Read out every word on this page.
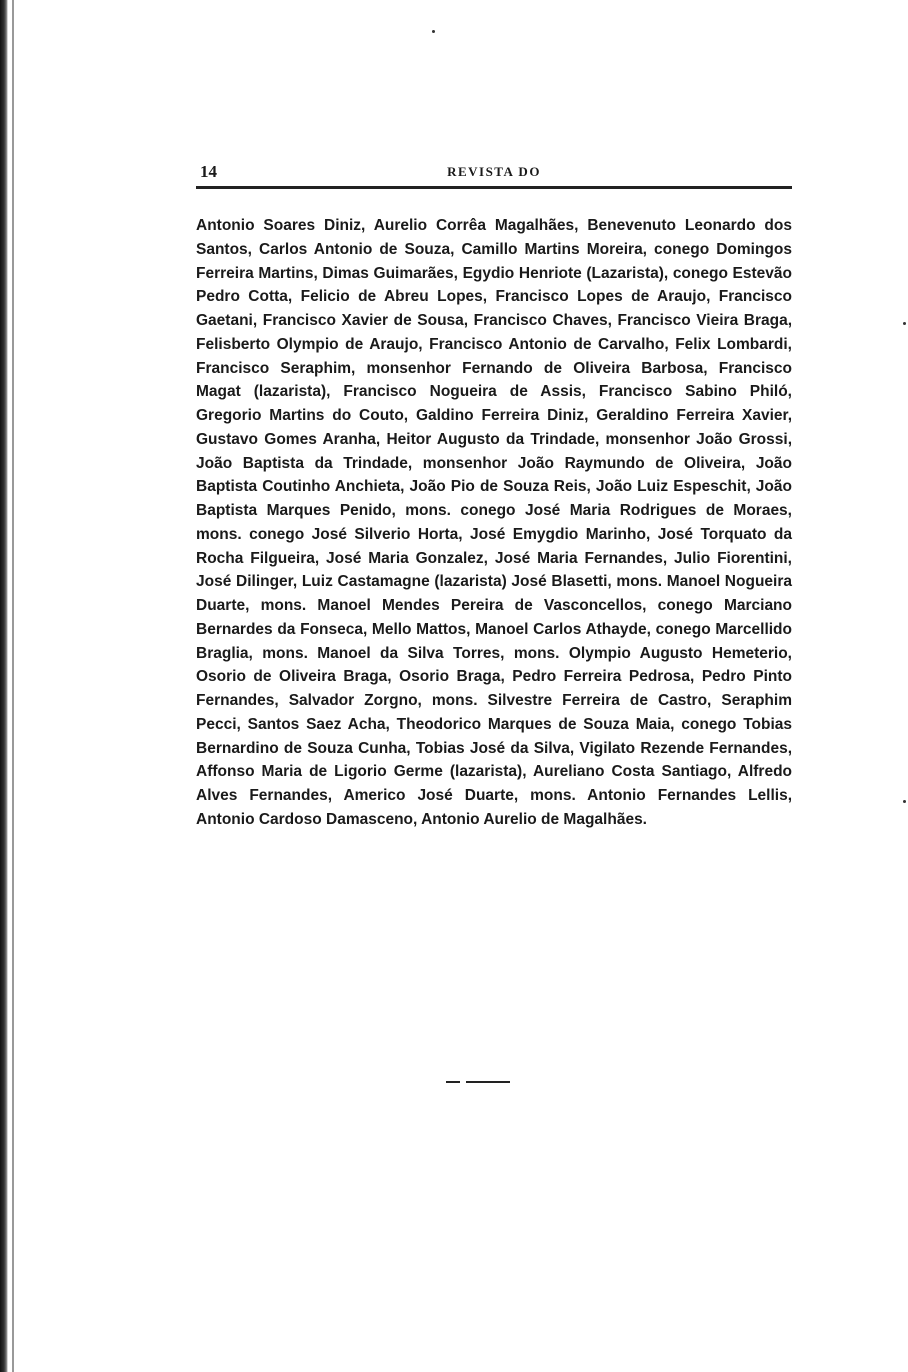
14	REVISTA DO

Antonio Soares Diniz, Aurelio Corrêa Magalhães, Benevenuto Leonardo dos Santos, Carlos Antonio de Souza, Camillo Martins Moreira, conego Domingos Ferreira Martins, Dimas Guimarães, Egydio Henriote (Lazarista), conego Estevão Pedro Cotta, Felicio de Abreu Lopes, Francisco Lopes de Araujo, Francisco Gaetani, Francisco Xavier de Sousa, Francisco Chaves, Francisco Vieira Braga, Felisberto Olympio de Araujo, Francisco Antonio de Carvalho, Felix Lombardi, Francisco Seraphim, monsenhor Fernando de Oliveira Barbosa, Francisco Magat (lazarista), Francisco Nogueira de Assis, Francisco Sabino Philó, Gregorio Martins do Couto, Galdino Ferreira Diniz, Geraldino Ferreira Xavier, Gustavo Gomes Aranha, Heitor Augusto da Trindade, monsenhor João Grossi, João Baptista da Trindade, monsenhor João Raymundo de Oliveira, João Baptista Coutinho Anchieta, João Pio de Souza Reis, João Luiz Espeschit, João Baptista Marques Penido, mons. conego José Maria Rodrigues de Moraes, mons. conego José Silverio Horta, José Emygdio Marinho, José Torquato da Rocha Filgueira, José Maria Gonzalez, José Maria Fernandes, Julio Fiorentini, José Dilinger, Luiz Castamagne (lazarista) José Blasetti, mons. Manoel Nogueira Duarte, mons. Manoel Mendes Pereira de Vasconcellos, conego Marciano Bernardes da Fonseca, Mello Mattos, Manoel Carlos Athayde, conego Marcellido Braglia, mons. Manoel da Silva Torres, mons. Olympio Augusto Hemeterio, Osorio de Oliveira Braga, Osorio Braga, Pedro Ferreira Pedrosa, Pedro Pinto Fernandes, Salvador Zorgno, mons. Silvestre Ferreira de Castro, Seraphim Pecci, Santos Saez Acha, Theodorico Marques de Souza Maia, conego Tobias Bernardino de Souza Cunha, Tobias José da Silva, Vigilato Rezende Fernandes, Affonso Maria de Ligorio Germe (lazarista), Aureliano Costa Santiago, Alfredo Alves Fernandes, Americo José Duarte, mons. Antonio Fernandes Lellis, Antonio Cardoso Damasceno, Antonio Aurelio de Magalhães.
